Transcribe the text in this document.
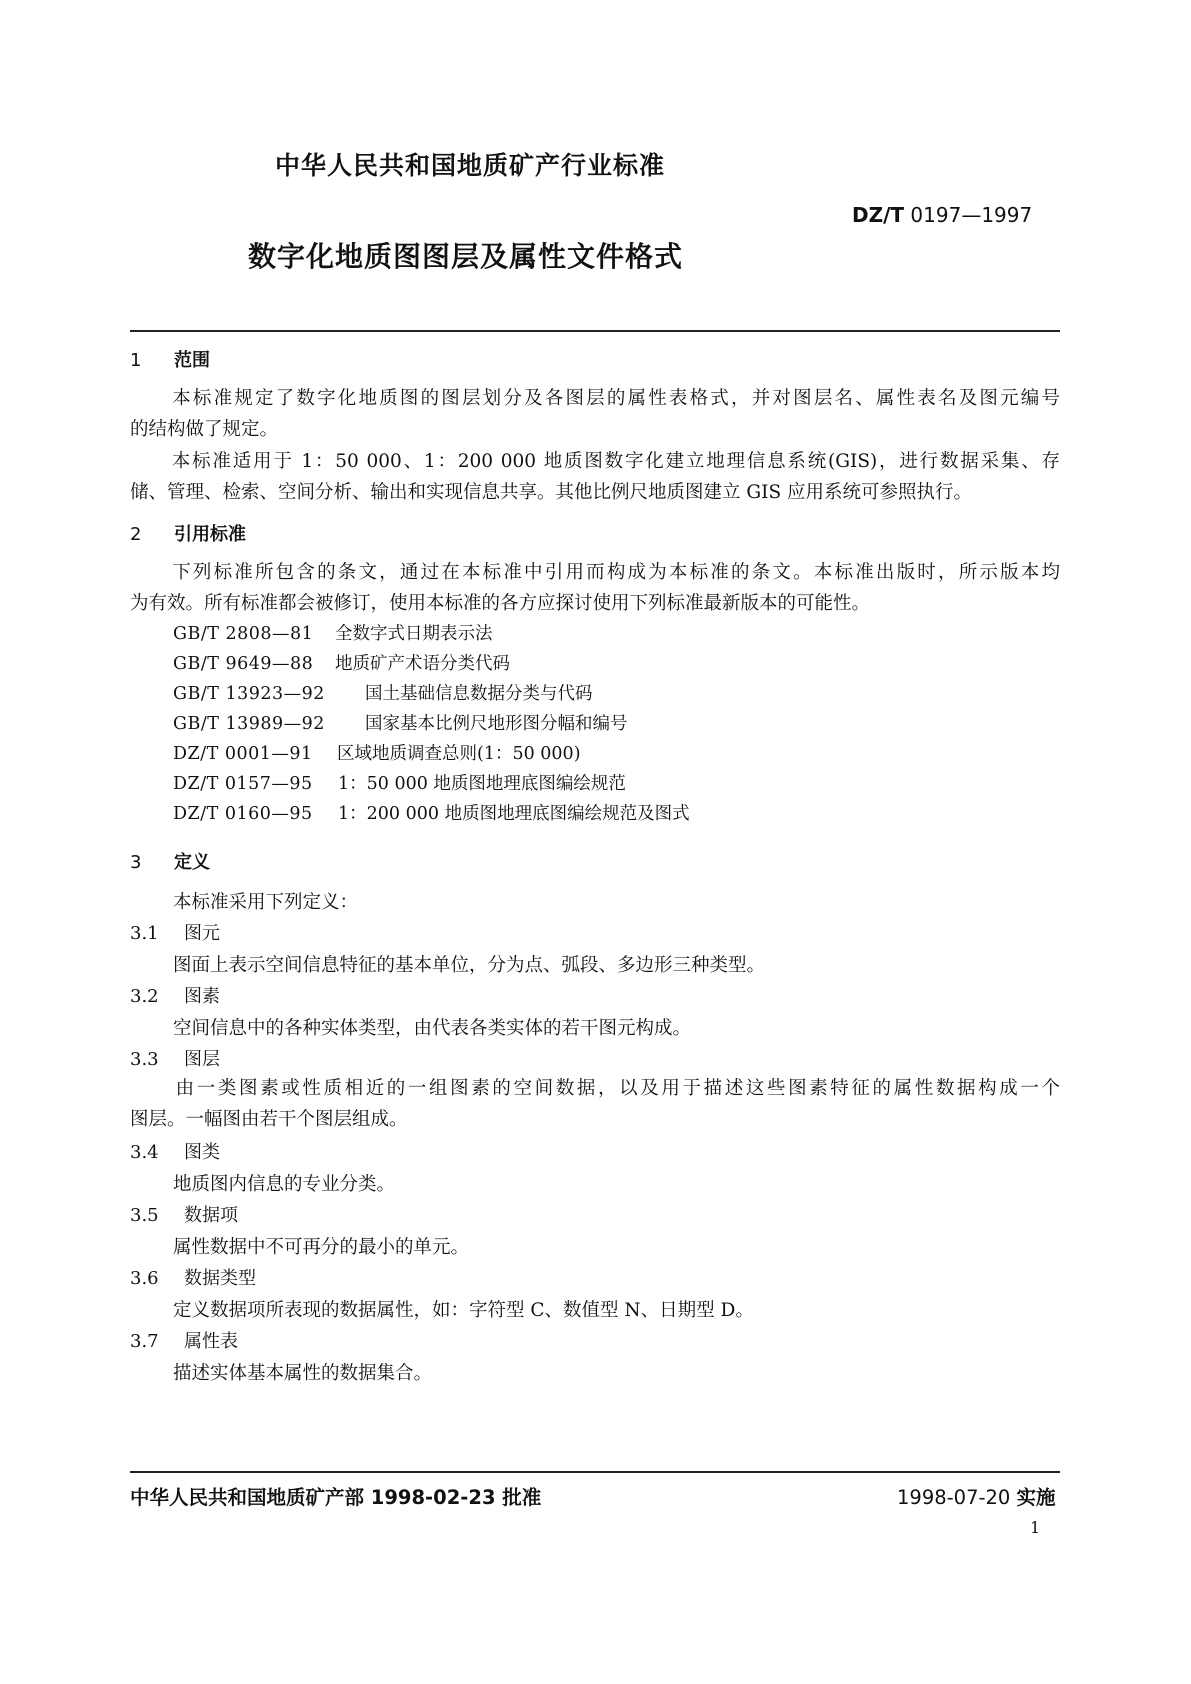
中华人民共和国地质矿产行业标准
DZ/T 0197—1997
数字化地质图图层及属性文件格式
1 范围
本标准规定了数字化地质图的图层划分及各图层的属性表格式，并对图层名、属性表名及图元编号
的结构做了规定。
本标准适用于 1：50 000、1：200 000 地质图数字化建立地理信息系统(GIS)，进行数据采集、存
储、管理、检索、空间分析、输出和实现信息共享。其他比例尺地质图建立 GIS 应用系统可参照执行。
2 引用标准
下列标准所包含的条文，通过在本标准中引用而构成为本标准的条文。本标准出版时，所示版本均
为有效。所有标准都会被修订，使用本标准的各方应探讨使用下列标准最新版本的可能性。
GB/T 2808—81 全数字式日期表示法
GB/T 9649—88 地质矿产术语分类代码
GB/T 13923—92 国土基础信息数据分类与代码
GB/T 13989—92 国家基本比例尺地形图分幅和编号
DZ/T 0001—91 区域地质调查总则(1：50 000)
DZ/T 0157—95 1：50 000 地质图地理底图编绘规范
DZ/T 0160—95 1：200 000 地质图地理底图编绘规范及图式
3 定义
本标准采用下列定义：
3.1 图元
图面上表示空间信息特征的基本单位，分为点、弧段、多边形三种类型。
3.2 图素
空间信息中的各种实体类型，由代表各类实体的若干图元构成。
3.3 图层
由一类图素或性质相近的一组图素的空间数据，以及用于描述这些图素特征的属性数据构成一个
图层。一幅图由若干个图层组成。
3.4 图类
地质图内信息的专业分类。
3.5 数据项
属性数据中不可再分的最小的单元。
3.6 数据类型
定义数据项所表现的数据属性，如：字符型 C、数值型 N、日期型 D。
3.7 属性表
描述实体基本属性的数据集合。
中华人民共和国地质矿产部 1998-02-23 批准	1998-07-20 实施
1
